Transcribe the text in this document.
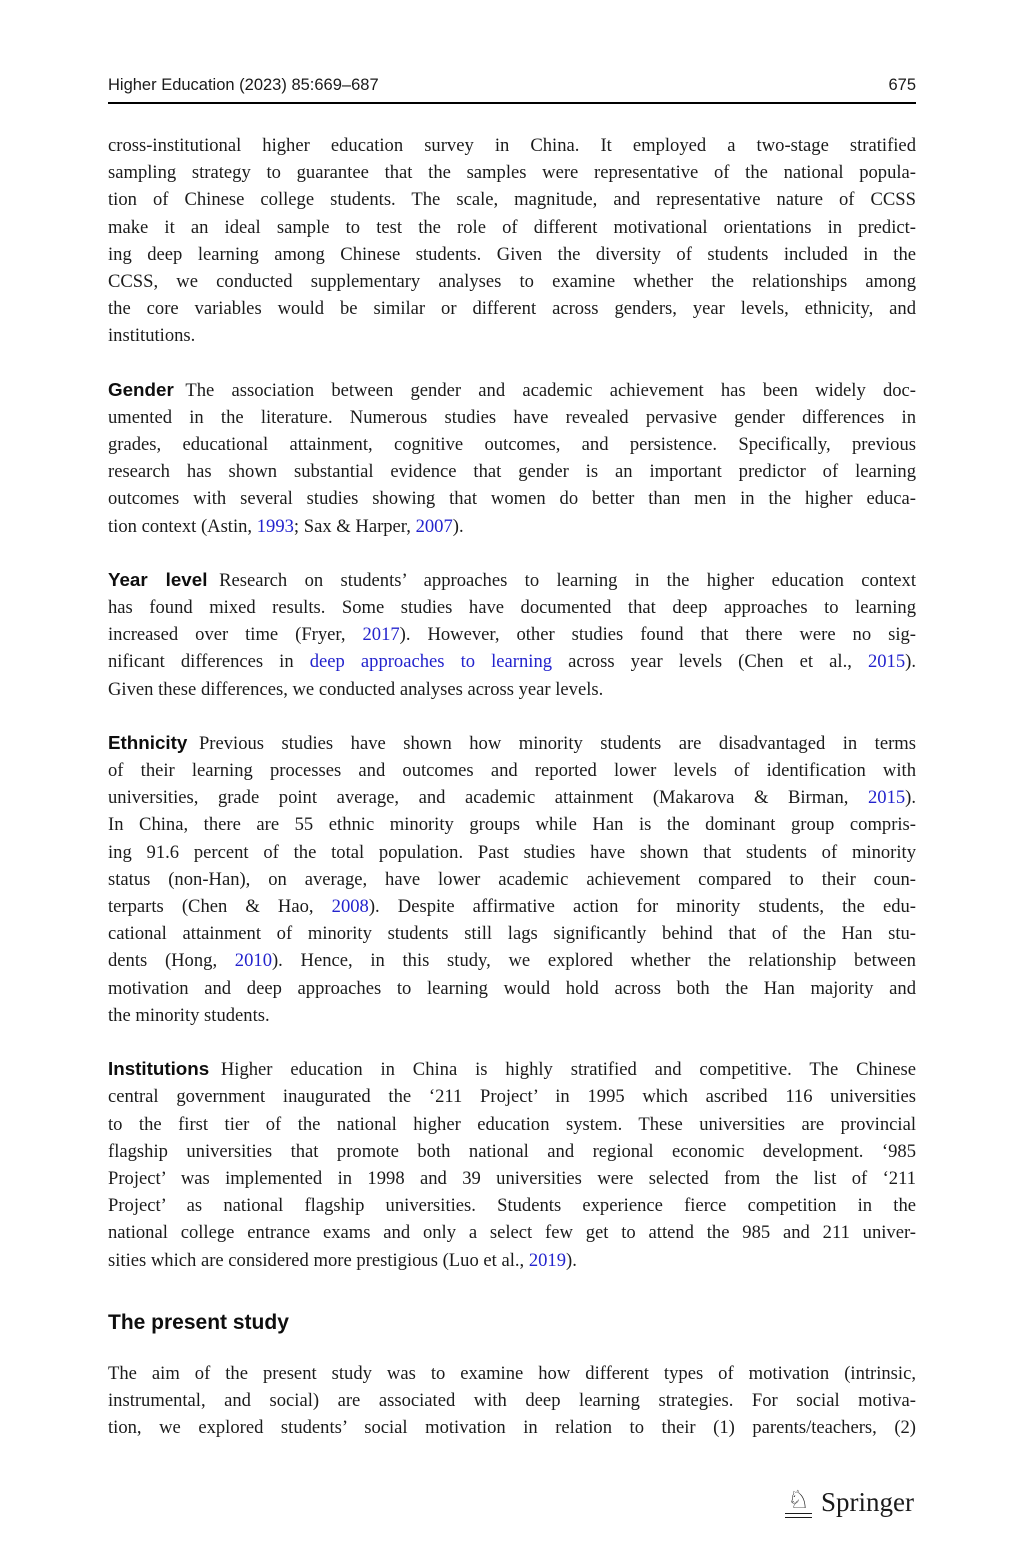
Higher Education (2023) 85:669–687	675
cross-institutional higher education survey in China. It employed a two-stage stratified
sampling strategy to guarantee that the samples were representative of the national popula-
tion of Chinese college students. The scale, magnitude, and representative nature of CCSS
make it an ideal sample to test the role of different motivational orientations in predict-
ing deep learning among Chinese students. Given the diversity of students included in the
CCSS, we conducted supplementary analyses to examine whether the relationships among
the core variables would be similar or different across genders, year levels, ethnicity, and
institutions.
Gender The association between gender and academic achievement has been widely doc-
umented in the literature. Numerous studies have revealed pervasive gender differences in
grades, educational attainment, cognitive outcomes, and persistence. Specifically, previous
research has shown substantial evidence that gender is an important predictor of learning
outcomes with several studies showing that women do better than men in the higher educa-
tion context (Astin, 1993; Sax & Harper, 2007).
Year level Research on students’ approaches to learning in the higher education context
has found mixed results. Some studies have documented that deep approaches to learning
increased over time (Fryer, 2017). However, other studies found that there were no sig-
nificant differences in deep approaches to learning across year levels (Chen et al., 2015).
Given these differences, we conducted analyses across year levels.
Ethnicity Previous studies have shown how minority students are disadvantaged in terms
of their learning processes and outcomes and reported lower levels of identification with
universities, grade point average, and academic attainment (Makarova & Birman, 2015).
In China, there are 55 ethnic minority groups while Han is the dominant group compris-
ing 91.6 percent of the total population. Past studies have shown that students of minority
status (non-Han), on average, have lower academic achievement compared to their coun-
terparts (Chen & Hao, 2008). Despite affirmative action for minority students, the edu-
cational attainment of minority students still lags significantly behind that of the Han stu-
dents (Hong, 2010). Hence, in this study, we explored whether the relationship between
motivation and deep approaches to learning would hold across both the Han majority and
the minority students.
Institutions Higher education in China is highly stratified and competitive. The Chinese
central government inaugurated the ‘211 Project’ in 1995 which ascribed 116 universities
to the first tier of the national higher education system. These universities are provincial
flagship universities that promote both national and regional economic development. ‘985
Project’ was implemented in 1998 and 39 universities were selected from the list of ‘211
Project’ as national flagship universities. Students experience fierce competition in the
national college entrance exams and only a select few get to attend the 985 and 211 univer-
sities which are considered more prestigious (Luo et al., 2019).
The present study
The aim of the present study was to examine how different types of motivation (intrinsic,
instrumental, and social) are associated with deep learning strategies. For social motiva-
tion, we explored students’ social motivation in relation to their (1) parents/teachers, (2)
♘ Springer
